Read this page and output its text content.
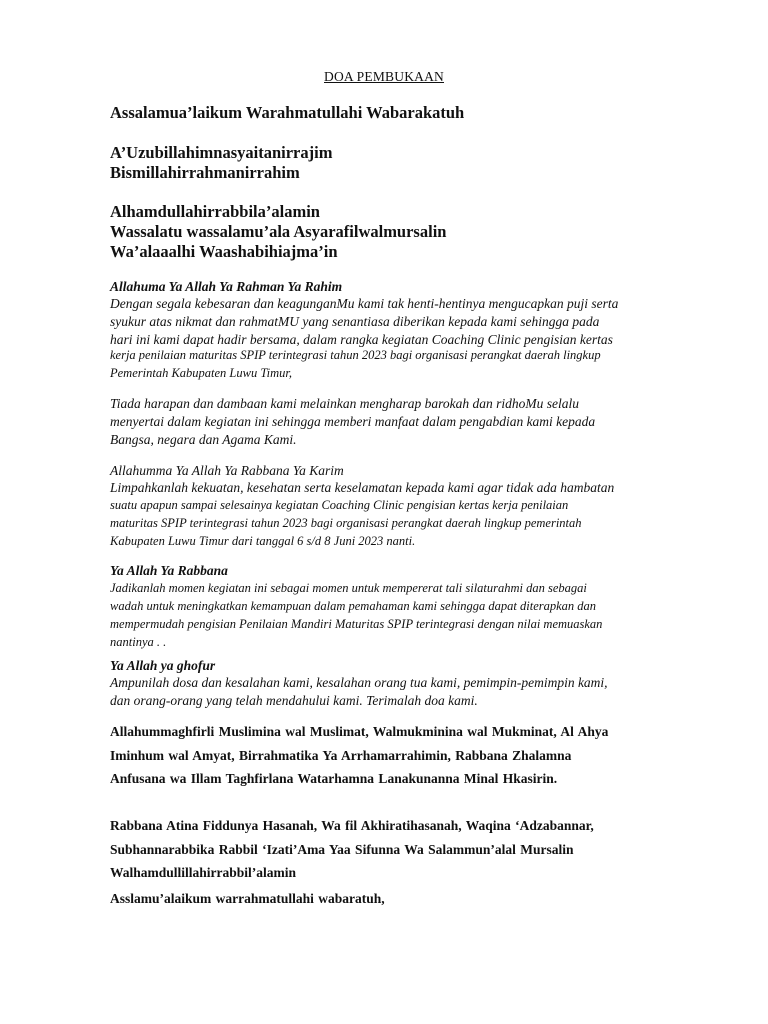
DOA PEMBUKAAN
Assalamua’laikum Warahmatullahi Wabarakatuh
A’Uzubillahimnasyaitanirrajim
Bismillahirrahmanirrahim
Alhamdullahirrabbila’alamin
Wassalatu wassalamu’ala Asyarafilwalmursalin
Wa’alaaalhi Waashabihiajma’in
Allahuma Ya Allah Ya Rahman Ya Rahim
Dengan segala kebesaran dan keagunganMu kami tak henti-hentinya mengucapkan puji serta
syukur atas nikmat dan rahmatMU yang senantiasa diberikan kepada kami sehingga pada
hari ini kami dapat hadir bersama, dalam rangka kegiatan Coaching Clinic pengisian kertas
kerja penilaian maturitas SPIP terintegrasi tahun 2023 bagi organisasi perangkat daerah lingkup
Pemerintah Kabupaten Luwu Timur,
Tiada harapan dan dambaan kami melainkan mengharap barokah dan ridhoMu selalu
menyertai dalam kegiatan ini sehingga memberi manfaat dalam pengabdian kami kepada
Bangsa, negara dan Agama Kami.
Allahumma Ya Allah Ya Rabbana Ya Karim
Limpahkanlah kekuatan, kesehatan serta keselamatan kepada kami agar tidak ada hambatan
suatu apapun sampai selesainya kegiatan Coaching Clinic pengisian kertas kerja penilaian
maturitas SPIP terintegrasi tahun 2023 bagi organisasi perangkat daerah lingkup pemerintah
Kabupaten Luwu Timur dari tanggal 6 s/d 8 Juni 2023 nanti.
Ya Allah Ya Rabbana
Jadikanlah momen kegiatan ini sebagai momen untuk mempererat tali silaturahmi dan sebagai
wadah untuk meningkatkan kemampuan dalam pemahaman kami sehingga dapat diterapkan dan
mempermudah pengisian Penilaian Mandiri Maturitas SPIP terintegrasi dengan nilai memuaskan
nantinya . .
Ya Allah ya ghofur
Ampunilah dosa dan kesalahan kami, kesalahan orang tua kami, pemimpin-pemimpin kami,
dan orang-orang yang telah mendahului kami. Terimalah doa kami.
Allahummaghfirli Muslimina wal Muslimat, Walmukminina wal Mukminat, Al Ahya
Iminhum wal Amyat, Birrahmatika Ya Arrhamarrahimin, Rabbana Zhalamna
Anfusana wa Illam Taghfirlana Watarhamna Lanakunanna Minal Hkasirin.
Rabbana Atina Fiddunya Hasanah, Wa fil Akhiratihasanah, Waqina ‘Adzabannar,
Subhannarabbika Rabbil ‘Izati’Ama Yaa Sifunna Wa Salammun’alal Mursalin
Walhamdullillahirrabbil’alamin
Asslamu’alaikum warrahmatullahi wabaratuh,
